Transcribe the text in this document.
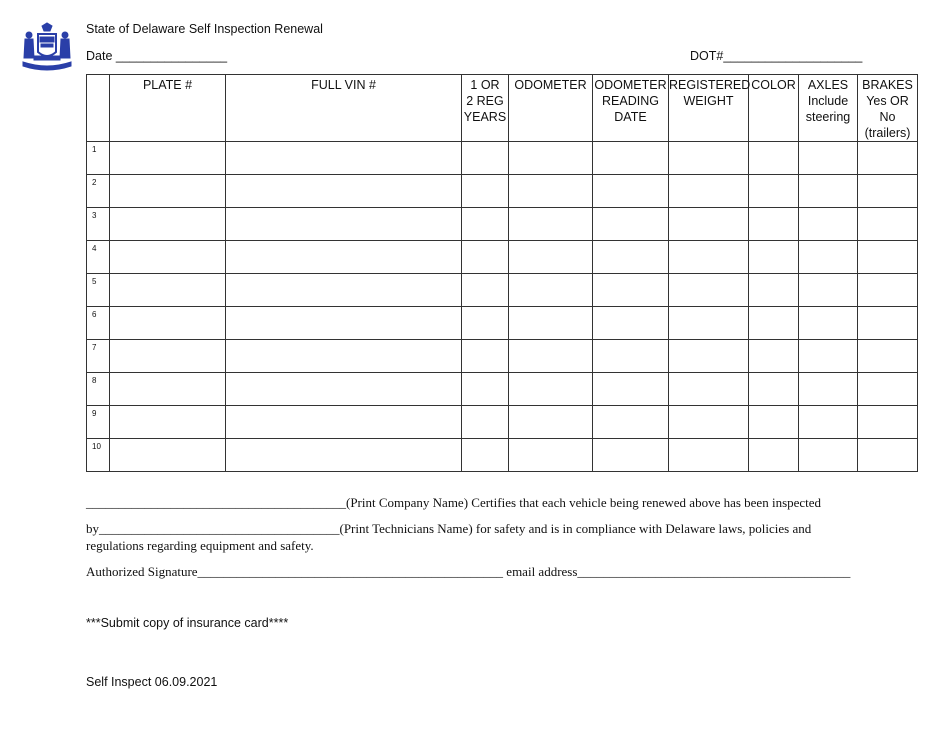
State of Delaware Self Inspection Renewal
Date ________________	DOT#____________________
	PLATE #	FULL VIN #	1 OR
2 REG
YEARS	ODOMETER	ODOMETER
READING
DATE	REGISTERED
WEIGHT	COLOR	AXLES
Include
steering	BRAKES
Yes OR
No
(trailers)

1									

2									

3									

4									

5									

6									

7									

8									

9									

10									

________________________________________(Print Company Name) Certifies that each vehicle being renewed above has been inspected
by_____________________________________(Print Technicians Name) for safety and is in compliance with Delaware laws, policies and
regulations regarding equipment and safety.
Authorized Signature_______________________________________________ email address__________________________________________
***Submit copy of insurance card****
Self Inspect 06.09.2021
